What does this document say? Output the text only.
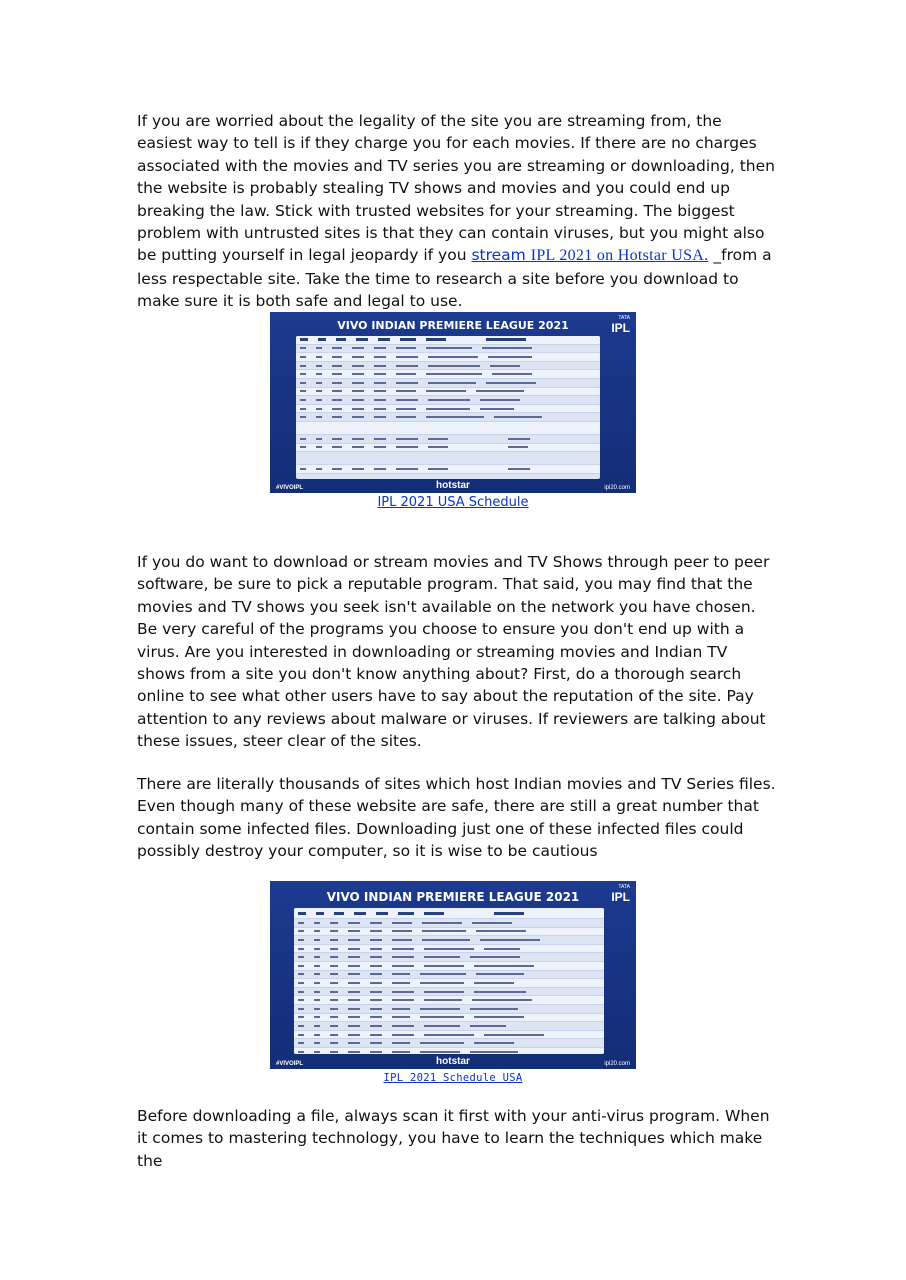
If you are worried about the legality of the site you are streaming from, the easiest way to tell is if they charge you for each movies. If there are no charges associated with the movies and TV series you are streaming or downloading, then the website is probably stealing TV shows and movies and you could end up breaking the law. Stick with trusted websites for your streaming. The biggest problem with untrusted sites is that they can contain viruses, but you might also be putting yourself in legal jeopardy if you stream IPL 2021 on Hotstar USA. _from a less respectable site. Take the time to research a site before you download to make sure it is both safe and legal to use.

VIVO INDIAN PREMIERE LEAGUE 2021
TATA
IPL
#VIVOIPL	hotstar	ipl20.com
IPL 2021 USA Schedule

If you do want to download or stream movies and TV Shows through peer to peer software, be sure to pick a reputable program. That said, you may find that the movies and TV shows you seek isn't available on the network you have chosen. Be very careful of the programs you choose to ensure you don't end up with a virus. Are you interested in downloading or streaming movies and Indian TV shows from a site you don't know anything about? First, do a thorough search online to see what other users have to say about the reputation of the site. Pay attention to any reviews about malware or viruses. If reviewers are talking about these issues, steer clear of the sites.

There are literally thousands of sites which host Indian movies and TV Series files. Even though many of these website are safe, there are still a great number that contain some infected files. Downloading just one of these infected files could possibly destroy your computer, so it is wise to be cautious

VIVO INDIAN PREMIERE LEAGUE 2021
TATA
IPL
#VIVOIPL	hotstar	ipl20.com
IPL 2021 Schedule USA

Before downloading a file, always scan it first with your anti-virus program. When it comes to mastering technology, you have to learn the techniques which make the
